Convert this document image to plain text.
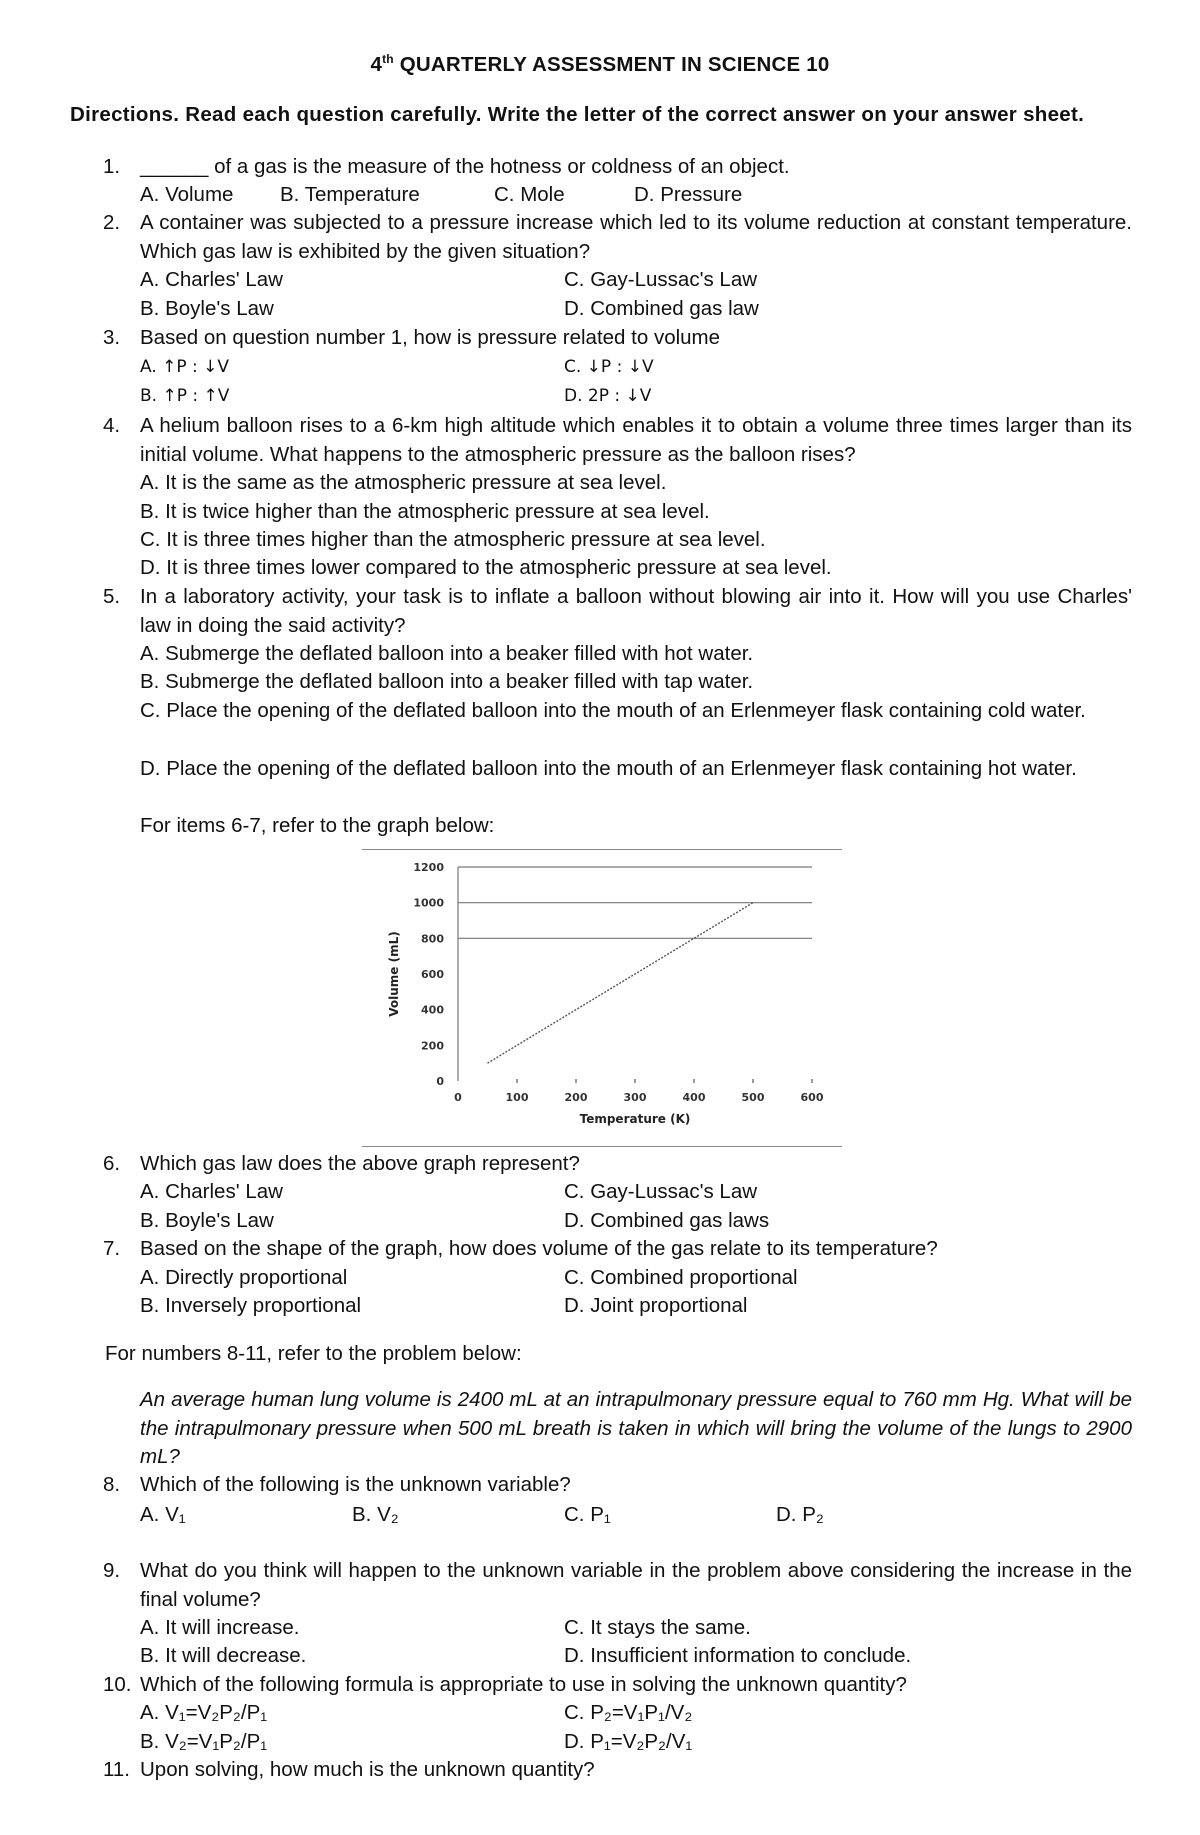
4th QUARTERLY ASSESSMENT IN SCIENCE 10
Directions. Read each question carefully. Write the letter of the correct answer on your answer sheet.
1. ______ of a gas is the measure of the hotness or coldness of an object.
A. Volume B. Temperature	C. Mole	D. Pressure
2. A container was subjected to a pressure increase which led to its volume reduction at constant temperature. Which gas law is exhibited by the given situation?
A. Charles' Law	C. Gay-Lussac's Law
B. Boyle's Law	D. Combined gas law
3. Based on question number 1, how is pressure related to volume
A. ↑P : ↓V	C. ↓P : ↓V
B. ↑P : ↑V	D. 2P : ↓V
4. A helium balloon rises to a 6-km high altitude which enables it to obtain a volume three times larger than its initial volume. What happens to the atmospheric pressure as the balloon rises?
A. It is the same as the atmospheric pressure at sea level.
B. It is twice higher than the atmospheric pressure at sea level.
C. It is three times higher than the atmospheric pressure at sea level.
D. It is three times lower compared to the atmospheric pressure at sea level.
5. In a laboratory activity, your task is to inflate a balloon without blowing air into it. How will you use Charles' law in doing the said activity?
A. Submerge the deflated balloon into a beaker filled with hot water.
B. Submerge the deflated balloon into a beaker filled with tap water.
C. Place the opening of the deflated balloon into the mouth of an Erlenmeyer flask containing cold water.
D. Place the opening of the deflated balloon into the mouth of an Erlenmeyer flask containing hot water.
For items 6-7, refer to the graph below:
0
200
400
600
800
1000
1200
0	100	200	300	400	500	600
Temperature (K)
Volume (mL)
6. Which gas law does the above graph represent?
A. Charles' Law	C. Gay-Lussac's Law
B. Boyle's Law	D. Combined gas laws
7. Based on the shape of the graph, how does volume of the gas relate to its temperature?
A. Directly proportional	C. Combined proportional
B. Inversely proportional	D. Joint proportional
For numbers 8-11, refer to the problem below:
An average human lung volume is 2400 mL at an intrapulmonary pressure equal to 760 mm Hg. What will be the intrapulmonary pressure when 500 mL breath is taken in which will bring the volume of the lungs to 2900 mL?
8. Which of the following is the unknown variable?
A. V₁	B. V₂	C. P₁	D. P₂
9. What do you think will happen to the unknown variable in the problem above considering the increase in the final volume?
A. It will increase.	C. It stays the same.
B. It will decrease.	D. Insufficient information to conclude.
10. Which of the following formula is appropriate to use in solving the unknown quantity?
A. V₁=V₂P₂/P₁	C. P₂=V₁P₁/V₂
B. V₂=V₁P₂/P₁	D. P₁=V₂P₂/V₁
11. Upon solving, how much is the unknown quantity?
